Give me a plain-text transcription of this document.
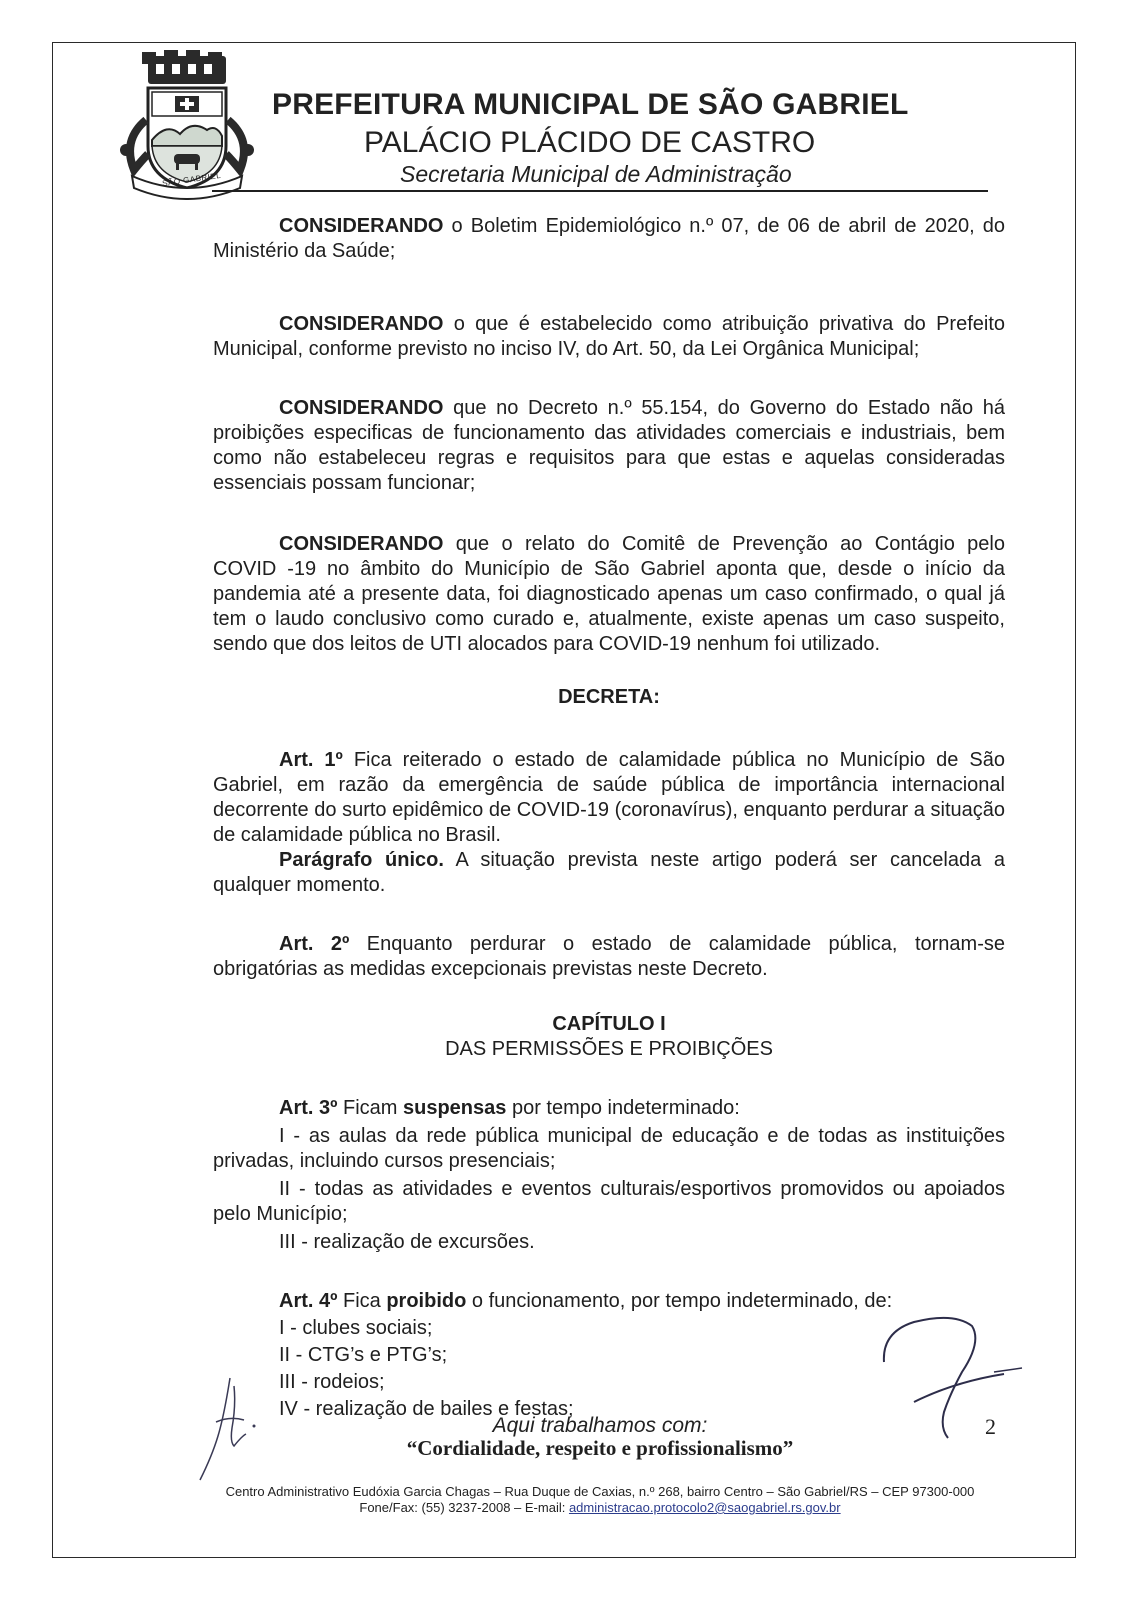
SÃO GABRIEL
PREFEITURA MUNICIPAL DE SÃO GABRIEL
PALÁCIO PLÁCIDO DE CASTRO
Secretaria Municipal de Administração

CONSIDERANDO o Boletim Epidemiológico n.º 07, de 06 de abril de 2020, do Ministério da Saúde;

CONSIDERANDO o que é estabelecido como atribuição privativa do Prefeito Municipal, conforme previsto no inciso IV, do Art. 50, da Lei Orgânica Municipal;

CONSIDERANDO que no Decreto n.º 55.154, do Governo do Estado não há proibições especificas de funcionamento das atividades comerciais e industriais, bem como não estabeleceu regras e requisitos para que estas e aquelas consideradas essenciais possam funcionar;

CONSIDERANDO que o relato do Comitê de Prevenção ao Contágio pelo COVID -19 no âmbito do Município de São Gabriel aponta que, desde o início da pandemia até a presente data, foi diagnosticado apenas um caso confirmado, o qual já tem o laudo conclusivo como curado e, atualmente, existe apenas um caso suspeito, sendo que dos leitos de UTI alocados para COVID-19 nenhum foi utilizado.

DECRETA:

Art. 1º Fica reiterado o estado de calamidade pública no Município de São Gabriel, em razão da emergência de saúde pública de importância internacional decorrente do surto epidêmico de COVID-19 (coronavírus), enquanto perdurar a situação de calamidade pública no Brasil.

Parágrafo único. A situação prevista neste artigo poderá ser cancelada a qualquer momento.

Art. 2º Enquanto perdurar o estado de calamidade pública, tornam-se obrigatórias as medidas excepcionais previstas neste Decreto.

CAPÍTULO I

DAS PERMISSÕES E PROIBIÇÕES

Art. 3º Ficam suspensas por tempo indeterminado:

I - as aulas da rede pública municipal de educação e de todas as instituições privadas, incluindo cursos presenciais;

II - todas as atividades e eventos culturais/esportivos promovidos ou apoiados pelo Município;

III - realização de excursões.

Art. 4º Fica proibido o funcionamento, por tempo indeterminado, de:

I - clubes sociais;

II - CTG’s e PTG’s;

III - rodeios;

IV - realização de bailes e festas;

Aqui trabalhamos com:
“Cordialidade, respeito e profissionalismo”
2
Centro Administrativo Eudóxia Garcia Chagas – Rua Duque de Caxias, n.º 268, bairro Centro – São Gabriel/RS – CEP 97300-000
Fone/Fax: (55) 3237-2008 – E-mail: administracao.protocolo2@saogabriel.rs.gov.br
